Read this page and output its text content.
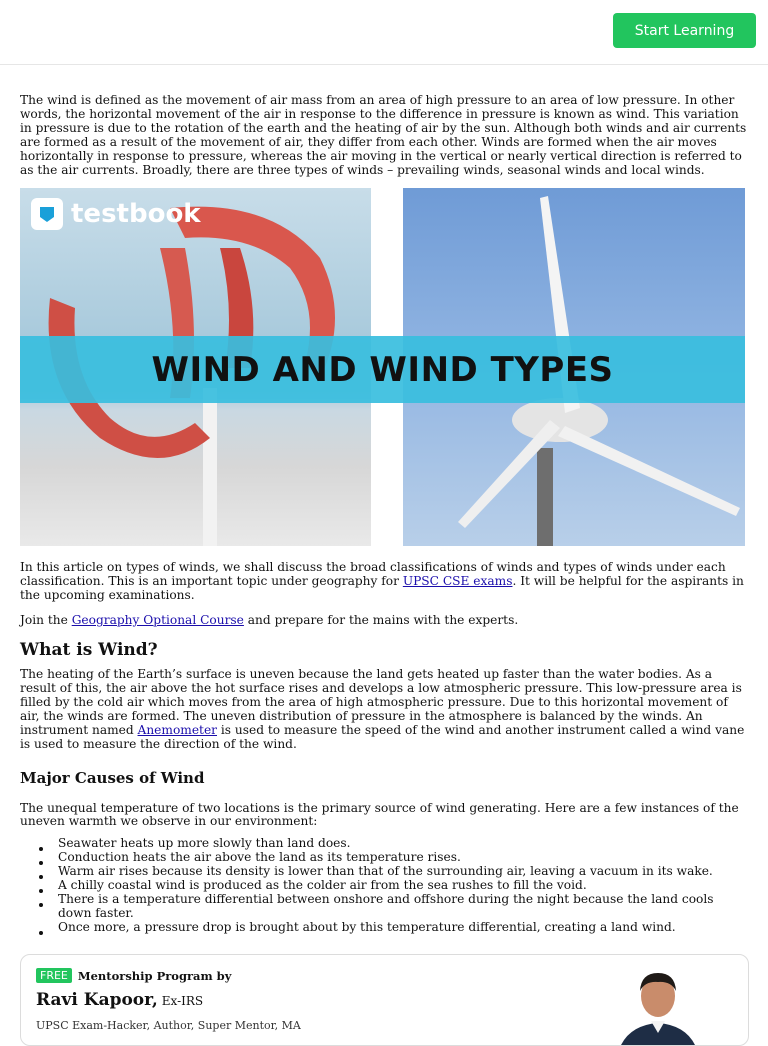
Start Learning

The wind is defined as the movement of air mass from an area of high pressure to an area of low pressure. In other words, the horizontal movement of the air in response to the difference in pressure is known as wind. This variation in pressure is due to the rotation of the earth and the heating of air by the sun. Although both winds and air currents are formed as a result of the movement of air, they differ from each other. Winds are formed when the air moves horizontally in response to pressure, whereas the air moving in the vertical or nearly vertical direction is referred to as the air currents. Broadly, there are three types of winds – prevailing winds, seasonal winds and local winds.

testbook
WIND AND WIND TYPES

In this article on types of winds, we shall discuss the broad classifications of winds and types of winds under each classification. This is an important topic under geography for UPSC CSE exams. It will be helpful for the aspirants in the upcoming examinations.

Join the Geography Optional Course and prepare for the mains with the experts.

What is Wind?

The heating of the Earth’s surface is uneven because the land gets heated up faster than the water bodies. As a result of this, the air above the hot surface rises and develops a low atmospheric pressure. This low-pressure area is filled by the cold air which moves from the area of high atmospheric pressure. Due to this horizontal movement of air, the winds are formed. The uneven distribution of pressure in the atmosphere is balanced by the winds. An instrument named Anemometer is used to measure the speed of the wind and another instrument called a wind vane is used to measure the direction of the wind.

Major Causes of Wind

The unequal temperature of two locations is the primary source of wind generating. Here are a few instances of the uneven warmth we observe in our environment:

Seawater heats up more slowly than land does.
Conduction heats the air above the land as its temperature rises.
Warm air rises because its density is lower than that of the surrounding air, leaving a vacuum in its wake.
A chilly coastal wind is produced as the colder air from the sea rushes to fill the void.
There is a temperature differential between onshore and offshore during the night because the land cools down faster.
Once more, a pressure drop is brought about by this temperature differential, creating a land wind.
FREE Mentorship Program by
Ravi Kapoor, Ex-IRS
UPSC Exam-Hacker, Author, Super Mentor, MA
